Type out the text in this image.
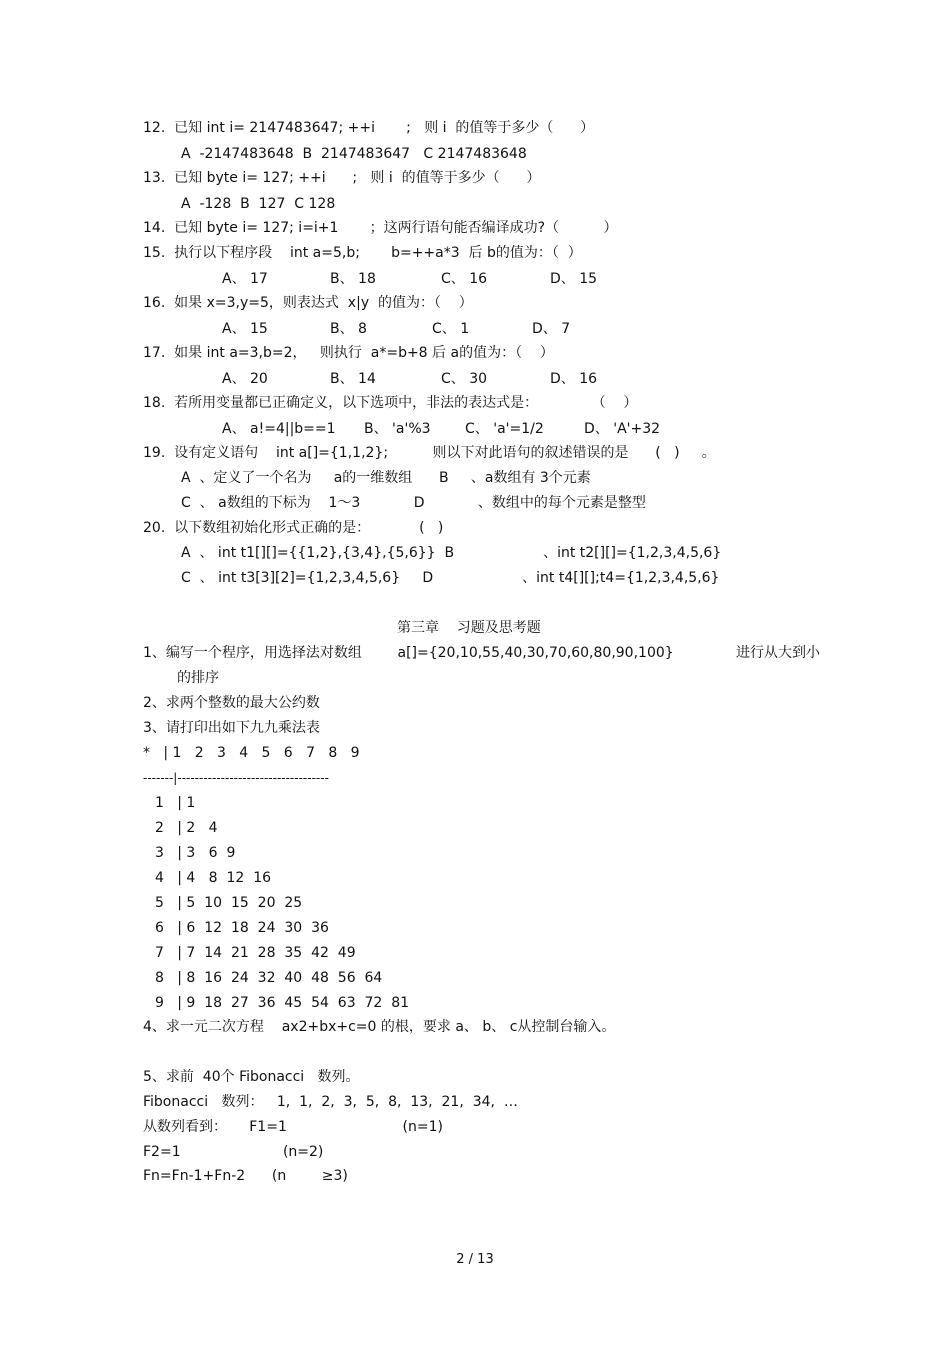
12.  已知 int i= 2147483647; ++i       ;   则 i  的值等于多少（      ）
A  -2147483648  B  2147483647   C 2147483648
13.  已知 byte i= 127; ++i      ;   则 i  的值等于多少（      ）
A  -128  B  127  C 128
14.  已知 byte i= 127; i=i+1       ；这两行语句能否编译成功?（          ）
15.  执行以下程序段    int a=5,b;       b=++a*3  后 b的值为：（  ）
A、 17	B、 18	C、 16	D、 15
16.  如果 x=3,y=5，则表达式  x|y  的值为：（    ）
A、 15	B、 8	C、 1	D、 7
17.  如果 int a=3,b=2，   则执行  a*=b+8 后 a的值为：（    ）
A、 20	B、 14	C、 30	D、 16
18.  若所用变量都已正确定义，以下选项中，非法的表达式是：            （    ）
A、 a!=4||b==1 B、 'a'%3 C、 'a'=1/2	D、 'A'+32
19.  设有定义语句    int a[]={1,1,2};          则以下对此语句的叙述错误的是      (   )     。
A  、定义了一个名为     a的一维数组      B     、a数组有 3个元素
C  、 a数组的下标为    1～3            D            、数组中的每个元素是整型
20.  以下数组初始化形式正确的是：           (   )
A  、 int t1[][]={{1,2},{3,4},{5,6}}  B                    、int t2[][]={1,2,3,4,5,6}
C  、 int t3[3][2]={1,2,3,4,5,6}     D                    、int t4[][];t4={1,2,3,4,5,6}
第三章    习题及思考题
1、编写一个程序，用选择法对数组        a[]={20,10,55,40,30,70,60,80,90,100}              进行从大到小
的排序
2、求两个整数的最大公约数
3、请打印出如下九九乘法表
*   | 1   2   3   4   5   6   7   8   9
-------|-----------------------------------
1   | 1
2   | 2   4
3   | 3   6  9
4   | 4   8  12  16
5   | 5  10  15  20  25
6   | 6  12  18  24  30  36
7   | 7  14  21  28  35  42  49
8   | 8  16  24  32  40  48  56  64
9   | 9  18  27  36  45  54  63  72  81
4、求一元二次方程    ax2+bx+c=0 的根，要求 a、 b、 c从控制台输入。
5、求前  40个 Fibonacci   数列。
Fibonacci   数列：   1,  1,  2,  3,  5,  8,  13,  21,  34,  …
从数列看到：     F1=1                          (n=1)
F2=1                       (n=2)
Fn=Fn-1+Fn-2      (n        ≥3)
2 / 13
